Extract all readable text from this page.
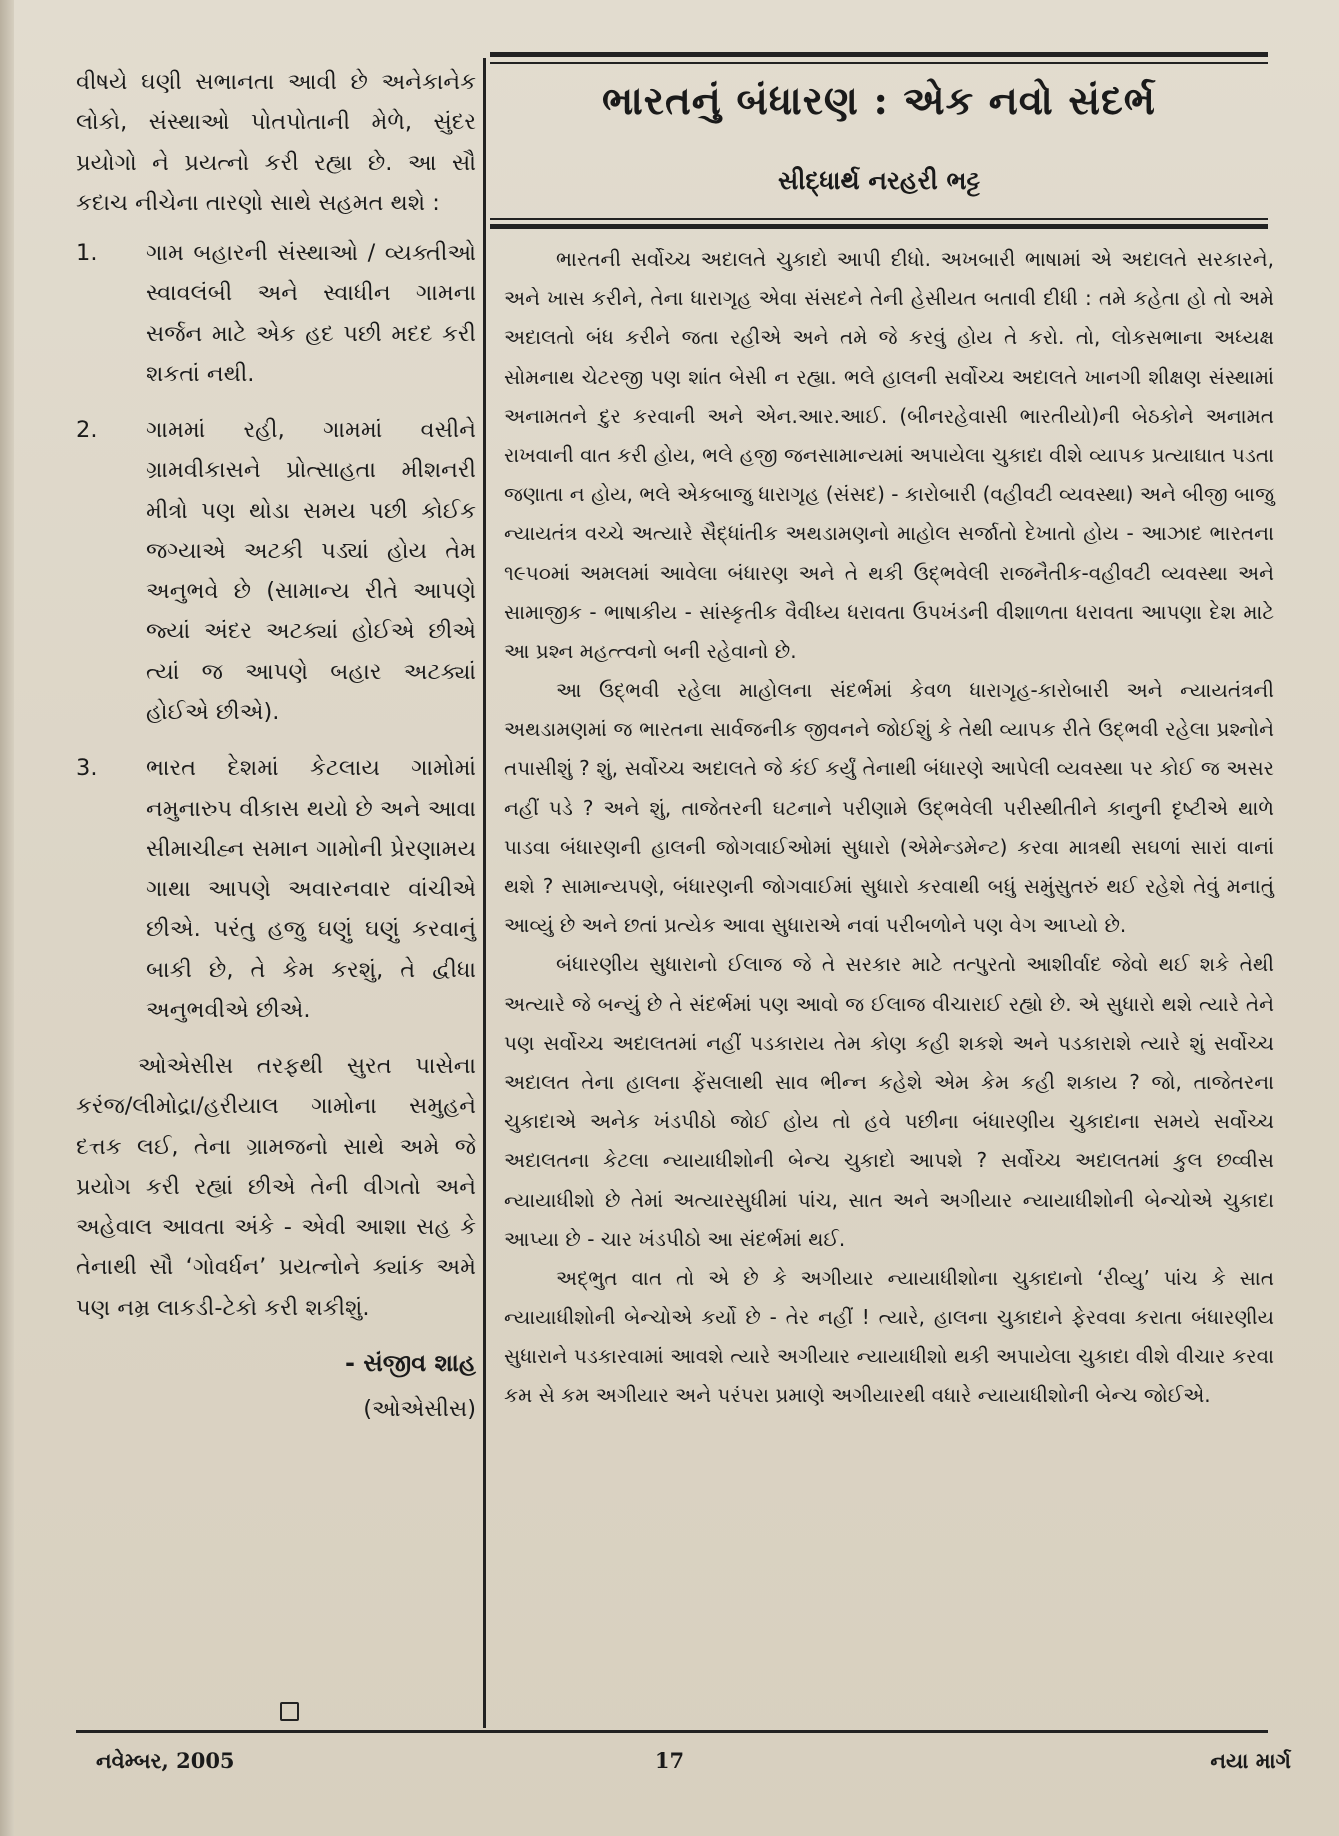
વીષયે ઘણી સભાનતા આવી છે અનેકાનેક લોકો, સંસ્થાઓ પોતપોતાની મેળે, સુંદર પ્રયોગો ને પ્રયત્નો કરી રહ્યા છે. આ સૌ કદાચ નીચેના તારણો સાથે સહમત થશે :

1.	ગામ બહારની સંસ્થાઓ / વ્યક્તીઓ સ્વાવલંબી અને સ્વાધીન ગામના સર્જન માટે એક હદ પછી મદદ કરી શકતાં નથી.
2.	ગામમાં રહી, ગામમાં વસીને ગ્રામવીકાસને પ્રોત્સાહતા મીશનરી મીત્રો પણ થોડા સમય પછી કોઈક જગ્યાએ અટકી પડ્યાં હોય તેમ અનુભવે છે (સામાન્ય રીતે આપણે જ્યાં અંદર અટક્યાં હોઈએ છીએ ત્યાં જ આપણે બહાર અટક્યાં હોઈએ છીએ).
3.	ભારત દેશમાં કેટલાય ગામોમાં નમુનારુપ વીકાસ થયો છે અને આવા સીમાચીહ્ન સમાન ગામોની પ્રેરણામય ગાથા આપણે અવારનવાર વાંચીએ છીએ. પરંતુ હજુ ઘણું ઘણું કરવાનું બાકી છે, તે કેમ કરશું, તે દ્વીધા અનુભવીએ છીએ.

ઓએસીસ તરફથી સુરત પાસેના કરંજ/લીમોદ્રા/હરીયાલ ગામોના સમુહને દત્તક લઈ, તેના ગ્રામજનો સાથે અમે જે પ્રયોગ કરી રહ્યાં છીએ તેની વીગતો અને અહેવાલ આવતા અંકે - એવી આશા સહ કે તેનાથી સૌ ‘ગોવર્ધન’ પ્રયત્નોને ક્યાંક અમે પણ નમ્ર લાકડી-ટેકો કરી શકીશું.

- સંજીવ શાહ
(ઓએસીસ)
ભારતનું બંધારણ : એક નવો સંદર્ભ
સીદ્ધાર્થ નરહરી ભટ્ટ

ભારતની સર્વોચ્ચ અદાલતે ચુકાદો આપી દીધો. અખબારી ભાષામાં એ અદાલતે સરકારને, અને ખાસ કરીને, તેના ધારાગૃહ એવા સંસદને તેની હેસીયત બતાવી દીધી : તમે કહેતા હો તો અમે અદાલતો બંધ કરીને જતા રહીએ અને તમે જે કરવું હોય તે કરો. તો, લોકસભાના અધ્યક્ષ સોમનાથ ચેટરજી પણ શાંત બેસી ન રહ્યા. ભલે હાલની સર્વોચ્ચ અદાલતે ખાનગી શીક્ષણ સંસ્થામાં અનામતને દુર કરવાની અને એન.આર.આઈ. (બીનરહેવાસી ભારતીયો)ની બેઠકોને અનામત રાખવાની વાત કરી હોય, ભલે હજી જનસામાન્યમાં અપાયેલા ચુકાદા વીશે વ્યાપક પ્રત્યાઘાત પડતા જણાતા ન હોય, ભલે એકબાજુ ધારાગૃહ (સંસદ) - કારોબારી (વહીવટી વ્યવસ્થા) અને બીજી બાજુ ન્યાયતંત્ર વચ્ચે અત્યારે સૈદ્ધાંતીક અથડામણનો માહોલ સર્જાતો દેખાતો હોય - આઝાદ ભારતના ૧૯૫૦માં અમલમાં આવેલા બંધારણ અને તે થકી ઉદ્ભવેલી રાજનૈતીક-વહીવટી વ્યવસ્થા અને સામાજીક - ભાષાકીય - સાંસ્કૃતીક વૈવીધ્ય ધરાવતા ઉપખંડની વીશાળતા ધરાવતા આપણા દેશ માટે આ પ્રશ્ન મહત્ત્વનો બની રહેવાનો છે.

આ ઉદ્ભવી રહેલા માહોલના સંદર્ભમાં કેવળ ધારાગૃહ-કારોબારી અને ન્યાયતંત્રની અથડામણમાં જ ભારતના સાર્વજનીક જીવનને જોઈશું કે તેથી વ્યાપક રીતે ઉદ્ભવી રહેલા પ્રશ્નોને તપાસીશું ? શું, સર્વોચ્ચ અદાલતે જે કંઈ કર્યું તેનાથી બંધારણે આપેલી વ્યવસ્થા પર કોઈ જ અસર નહીં પડે ? અને શું, તાજેતરની ઘટનાને પરીણામે ઉદ્ભવેલી પરીસ્થીતીને કાનુની દૃષ્ટીએ થાળે પાડવા બંધારણની હાલની જોગવાઈઓમાં સુધારો (એમેન્ડમેન્ટ) કરવા માત્રથી સઘળાં સારાં વાનાં થશે ? સામાન્યપણે, બંધારણની જોગવાઈમાં સુધારો કરવાથી બધું સમુંસુતરું થઈ રહેશે તેવું મનાતું આવ્યું છે અને છતાં પ્રત્યેક આવા સુધારાએ નવાં પરીબળોને પણ વેગ આપ્યો છે.

બંધારણીય સુધારાનો ઈલાજ જે તે સરકાર માટે તત્પુરતો આશીર્વાદ જેવો થઈ શકે તેથી અત્યારે જે બન્યું છે તે સંદર્ભમાં પણ આવો જ ઈલાજ વીચારાઈ રહ્યો છે. એ સુધારો થશે ત્યારે તેને પણ સર્વોચ્ચ અદાલતમાં નહીં પડકારાય તેમ કોણ કહી શકશે અને પડકારાશે ત્યારે શું સર્વોચ્ચ અદાલત તેના હાલના ફેંસલાથી સાવ ભીન્ન કહેશે એમ કેમ કહી શકાય ? જો, તાજેતરના ચુકાદાએ અનેક ખંડપીઠો જોઈ હોય તો હવે પછીના બંધારણીય ચુકાદાના સમયે સર્વોચ્ચ અદાલતના કેટલા ન્યાયાધીશોની બેન્ચ ચુકાદો આપશે ? સર્વોચ્ચ અદાલતમાં કુલ છવ્વીસ ન્યાયાધીશો છે તેમાં અત્યારસુધીમાં પાંચ, સાત અને અગીયાર ન્યાયાધીશોની બેન્ચોએ ચુકાદા આપ્યા છે - ચાર ખંડપીઠો આ સંદર્ભમાં થઈ.

અદ્ભુત વાત તો એ છે કે અગીયાર ન્યાયાધીશોના ચુકાદાનો ‘રીવ્યુ’ પાંચ કે સાત ન્યાયાધીશોની બેન્ચોએ કર્યો છે - તેર નહીં ! ત્યારે, હાલના ચુકાદાને ફેરવવા કરાતા બંધારણીય સુધારાને પડકારવામાં આવશે ત્યારે અગીયાર ન્યાયાધીશો થકી અપાયેલા ચુકાદા વીશે વીચાર કરવા કમ સે કમ અગીયાર અને પરંપરા પ્રમાણે અગીયારથી વધારે ન્યાયાધીશોની બેન્ચ જોઈએ.

નવેમ્બર, 2005	17	નયા માર્ગ
